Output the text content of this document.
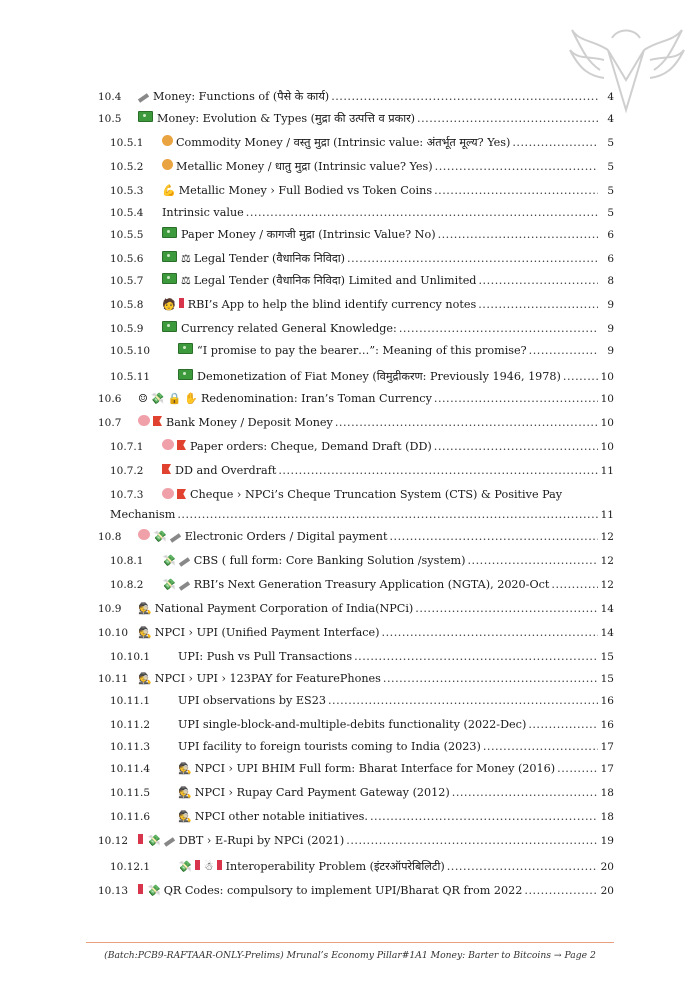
10.4	Money: Functions of (पैसे के कार्य) .....	4
10.5	Money: Evolution & Types (मुद्रा की उत्पत्ति व प्रकार) .....	4
10.5.1	Commodity Money / वस्तु मुद्रा (Intrinsic value: अंतर्भूत मूल्य? Yes) .....	5
10.5.2	Metallic Money / धातु मुद्रा (Intrinsic value? Yes) .....	5
10.5.3 💪 Metallic Money › Full Bodied vs Token Coins .....	5
10.5.4 Intrinsic value .....	5
10.5.5	Paper Money / कागजी मुद्रा (Intrinsic Value? No) .....	6
10.5.6	⚖ Legal Tender (वैधानिक निविदा) .....	6
10.5.7	⚖ Legal Tender (वैधानिक निविदा) Limited and Unlimited .....	8
10.5.8 🧑 RBI’s App to help the blind identify currency notes .....	9
10.5.9	Currency related General Knowledge: .....	9
10.5.10	“I promise to pay the bearer…”: Meaning of this promise? .....	9
10.5.11	Demonetization of Fiat Money (विमुद्रीकरण: Previously 1946, 1978) .....	10
10.6 ☺ 💸 🔒 ✋ Redenomination: Iran’s Toman Currency .....	10
10.7	Bank Money / Deposit Money .....	10
10.7.1	Paper orders: Cheque, Demand Draft (DD) .....	10
10.7.2	DD and Overdraft .....	11
10.7.3	Cheque › NPCi’s Cheque Truncation System (CTS) & Positive Pay
Mechanism .....	11
10.8	💸 Electronic Orders / Digital payment .....	12
10.8.1 💸 CBS ( full form: Core Banking Solution /system) .....	12
10.8.2 💸 RBI’s Next Generation Treasury Application (NGTA), 2020-Oct .....	12
10.9 🕵 National Payment Corporation of India(NPCi) .....	14
10.10 🕵 NPCI › UPI (Unified Payment Interface) .....	14
10.10.1 UPI: Push vs Pull Transactions .....	15
10.11 🕵 NPCI › UPI › 123PAY for FeaturePhones .....	15
10.11.1 UPI observations by ES23 .....	16
10.11.2 UPI single-block-and-multiple-debits functionality (2022-Dec) .....	16
10.11.3 UPI facility to foreign tourists coming to India (2023) .....	17
10.11.4	🕵 NPCI › UPI BHIM Full form: Bharat Interface for Money (2016) .....	17
10.11.5	🕵 NPCI › Rupay Card Payment Gateway (2012) .....	18
10.11.6	🕵 NPCI other notable initiatives. .....	18
10.12 💸 DBT › E-Rupi by NPCi (2021) .....	19
10.12.1	💸 ☃ Interoperability Problem (इंटरऑपरेबिलिटी) .....	20
10.13 💸 QR Codes: compulsory to implement UPI/Bharat QR from 2022 .....	20
(Batch:PCB9-RAFTAAR-ONLY-Prelims) Mrunal’s Economy Pillar#1A1 Money: Barter to Bitcoins → Page 2
